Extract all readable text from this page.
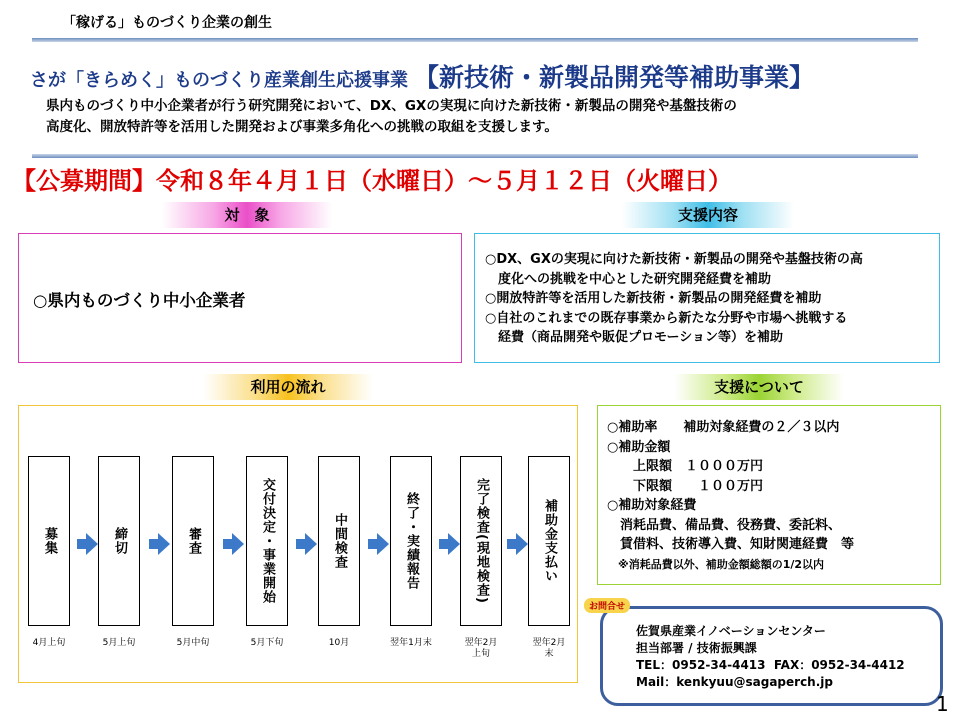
「稼げる」ものづくり企業の創生
さが「きらめく」ものづくり産業創生応援事業 【新技術・新製品開発等補助事業】
県内ものづくり中小企業者が行う研究開発において、DX、GXの実現に向けた新技術・新製品の開発や基盤技術の
高度化、開放特許等を活用した開発および事業多角化への挑戦の取組を支援します。
【公募期間】令和８年４月１日（水曜日）～５月１２日（火曜日）
対　象
○県内ものづくり中小企業者
支援内容
○DX、GXの実現に向けた新技術・新製品の開発や基盤技術の高
　度化への挑戦を中心とした研究開発経費を補助
○開放特許等を活用した新技術・新製品の開発経費を補助
○自社のこれまでの既存事業から新たな分野や市場へ挑戦する
　経費（商品開発や販促プロモーション等）を補助
利用の流れ
募集
4月上旬
締切
5月上旬
審査
5月中旬
交付決定・事業開始
5月下旬
中間検査
10月
終了・実績報告
翌年1月末
完了検査(現地検査)
翌年2月
上旬
補助金支払い
翌年2月
末
支援について
○補助率　　補助対象経費の２／３以内
○補助金額
　　上限額　１０００万円
　　下限額　　１００万円
○補助対象経費
　消耗品費、備品費、役務費、委託料、
　賃借料、技術導入費、知財関連経費　等
　※消耗品費以外、補助金額総額の1/2以内
佐賀県産業イノベーションセンター
担当部署 / 技術振興課
TEL：0952-34-4413  FAX：0952-34-4412
Mail：kenkyuu@sagaperch.jp
お問合せ
1
